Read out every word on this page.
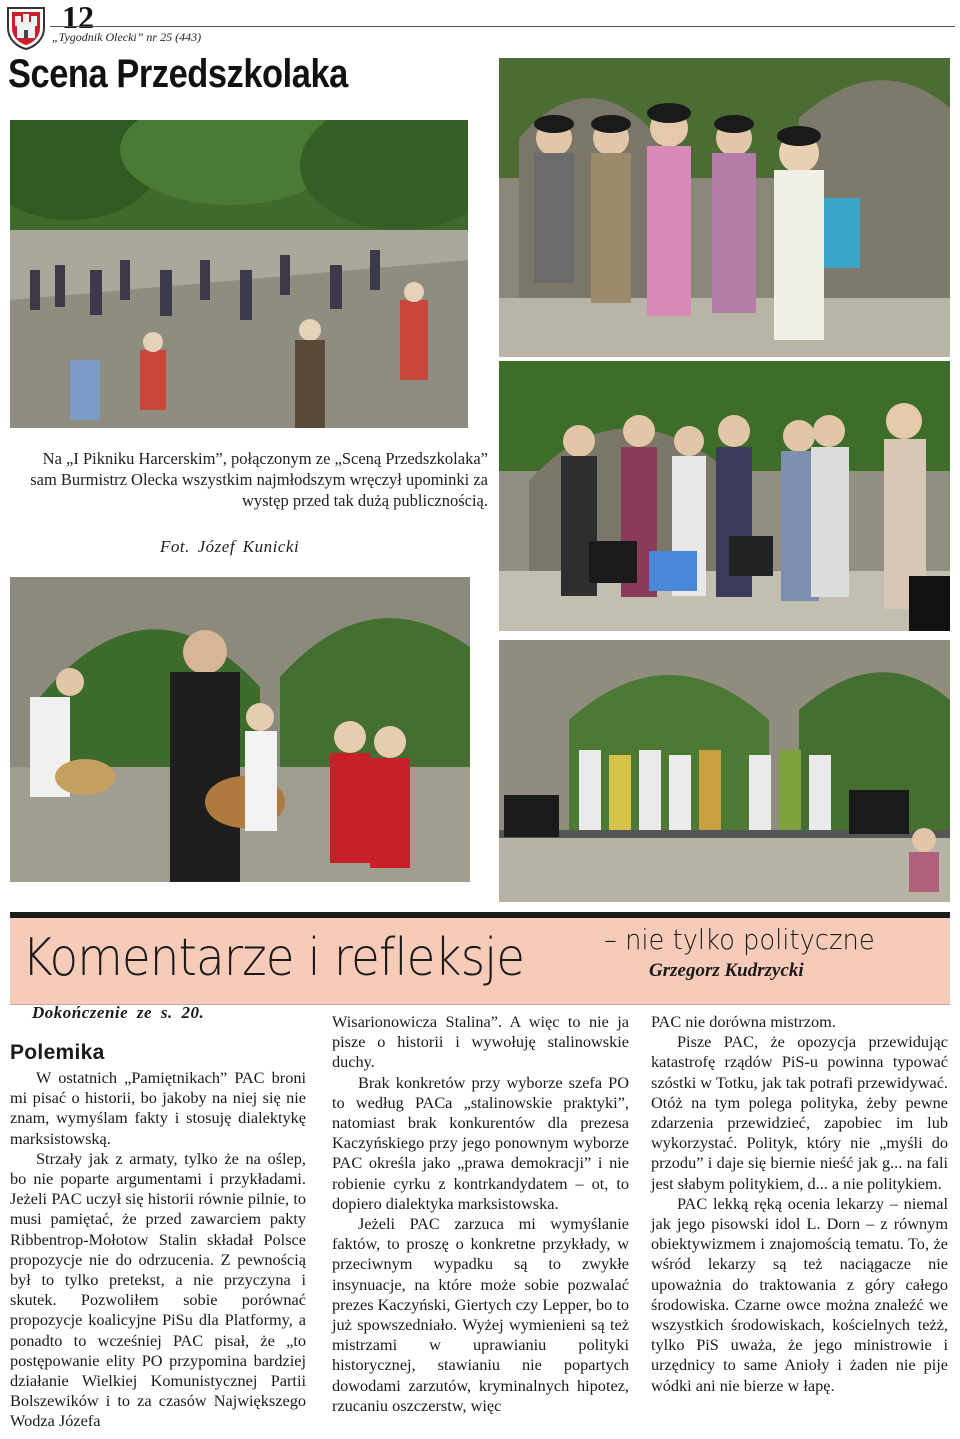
12
„Tygodnik Olecki” nr 25 (443)
Scena Przedszkolaka
Na „I Pikniku Harcerskim”, połączonym ze „Sceną Przedszkolaka” sam Burmistrz Olecka wszystkim najmłodszym wręczył upominki za występ przed tak dużą publicznością.
Fot. Józef Kunicki
Komentarze i refleksje	– nie tylko polityczne
Grzegorz Kudrzycki
Dokończenie ze s. 20.
Polemika

W ostatnich „Pamiętnikach” PAC broni mi pisać o historii, bo jakoby na niej się nie znam, wymyślam fakty i stosuję dialektykę marksistowską.

Strzały jak z armaty, tylko że na oślep, bo nie poparte argumentami i przykładami. Jeżeli PAC uczył się historii równie pilnie, to musi pamiętać, że przed zawarciem pakty Ribbentrop-Mołotow Stalin składał Polsce propozycje nie do odrzucenia. Z pewnością był to tylko pretekst, a nie przyczyna i skutek. Pozwoliłem sobie porównać propozycje koalicyjne PiSu dla Platformy, a ponadto to wcześniej PAC pisał, że „to postępowanie elity PO przypomina bardziej działanie Wielkiej Komunistycznej Partii Bolszewików i to za czasów Największego Wodza Józefa

Wisarionowicza Stalina”. A więc to nie ja pisze o historii i wywołuję stalinowskie duchy.

Brak konkretów przy wyborze szefa PO to według PACa „stalinowskie praktyki”, natomiast brak konkurentów dla prezesa Kaczyńskiego przy jego ponownym wyborze PAC określa jako „prawa demokracji” i nie robienie cyrku z kontrkandydatem – ot, to dopiero dialektyka marksistowska.

Jeżeli PAC zarzuca mi wymyślanie faktów, to proszę o konkretne przykłady, w przeciwnym wypadku są to zwykłe insynuacje, na które może sobie pozwalać prezes Kaczyński, Giertych czy Lepper, bo to już spowszedniało. Wyżej wymienieni są też mistrzami w uprawianiu polityki historycznej, stawianiu nie popartych dowodami zarzutów, kryminalnych hipotez, rzucaniu oszczerstw, więc

PAC nie dorówna mistrzom.

Pisze PAC, że opozycja przewidując katastrofę rządów PiS-u powinna typować szóstki w Totku, jak tak potrafi przewidywać. Otóż na tym polega polityka, żeby pewne zdarzenia przewidzieć, zapobiec im lub wykorzystać. Polityk, który nie „myśli do przodu” i daje się biernie nieść jak g... na fali jest słabym politykiem, d... a nie politykiem.

PAC lekką ręką ocenia lekarzy – niemal jak jego pisowski idol L. Dorn – z równym obiektywizmem i znajomością tematu. To, że wśród lekarzy są też naciągacze nie upoważnia do traktowania z góry całego środowiska. Czarne owce można znaleźć we wszystkich środowiskach, kościelnych teżż, tylko PiS uważa, że jego ministrowie i urzędnicy to same Anioły i żaden nie pije wódki ani nie bierze w łapę.
